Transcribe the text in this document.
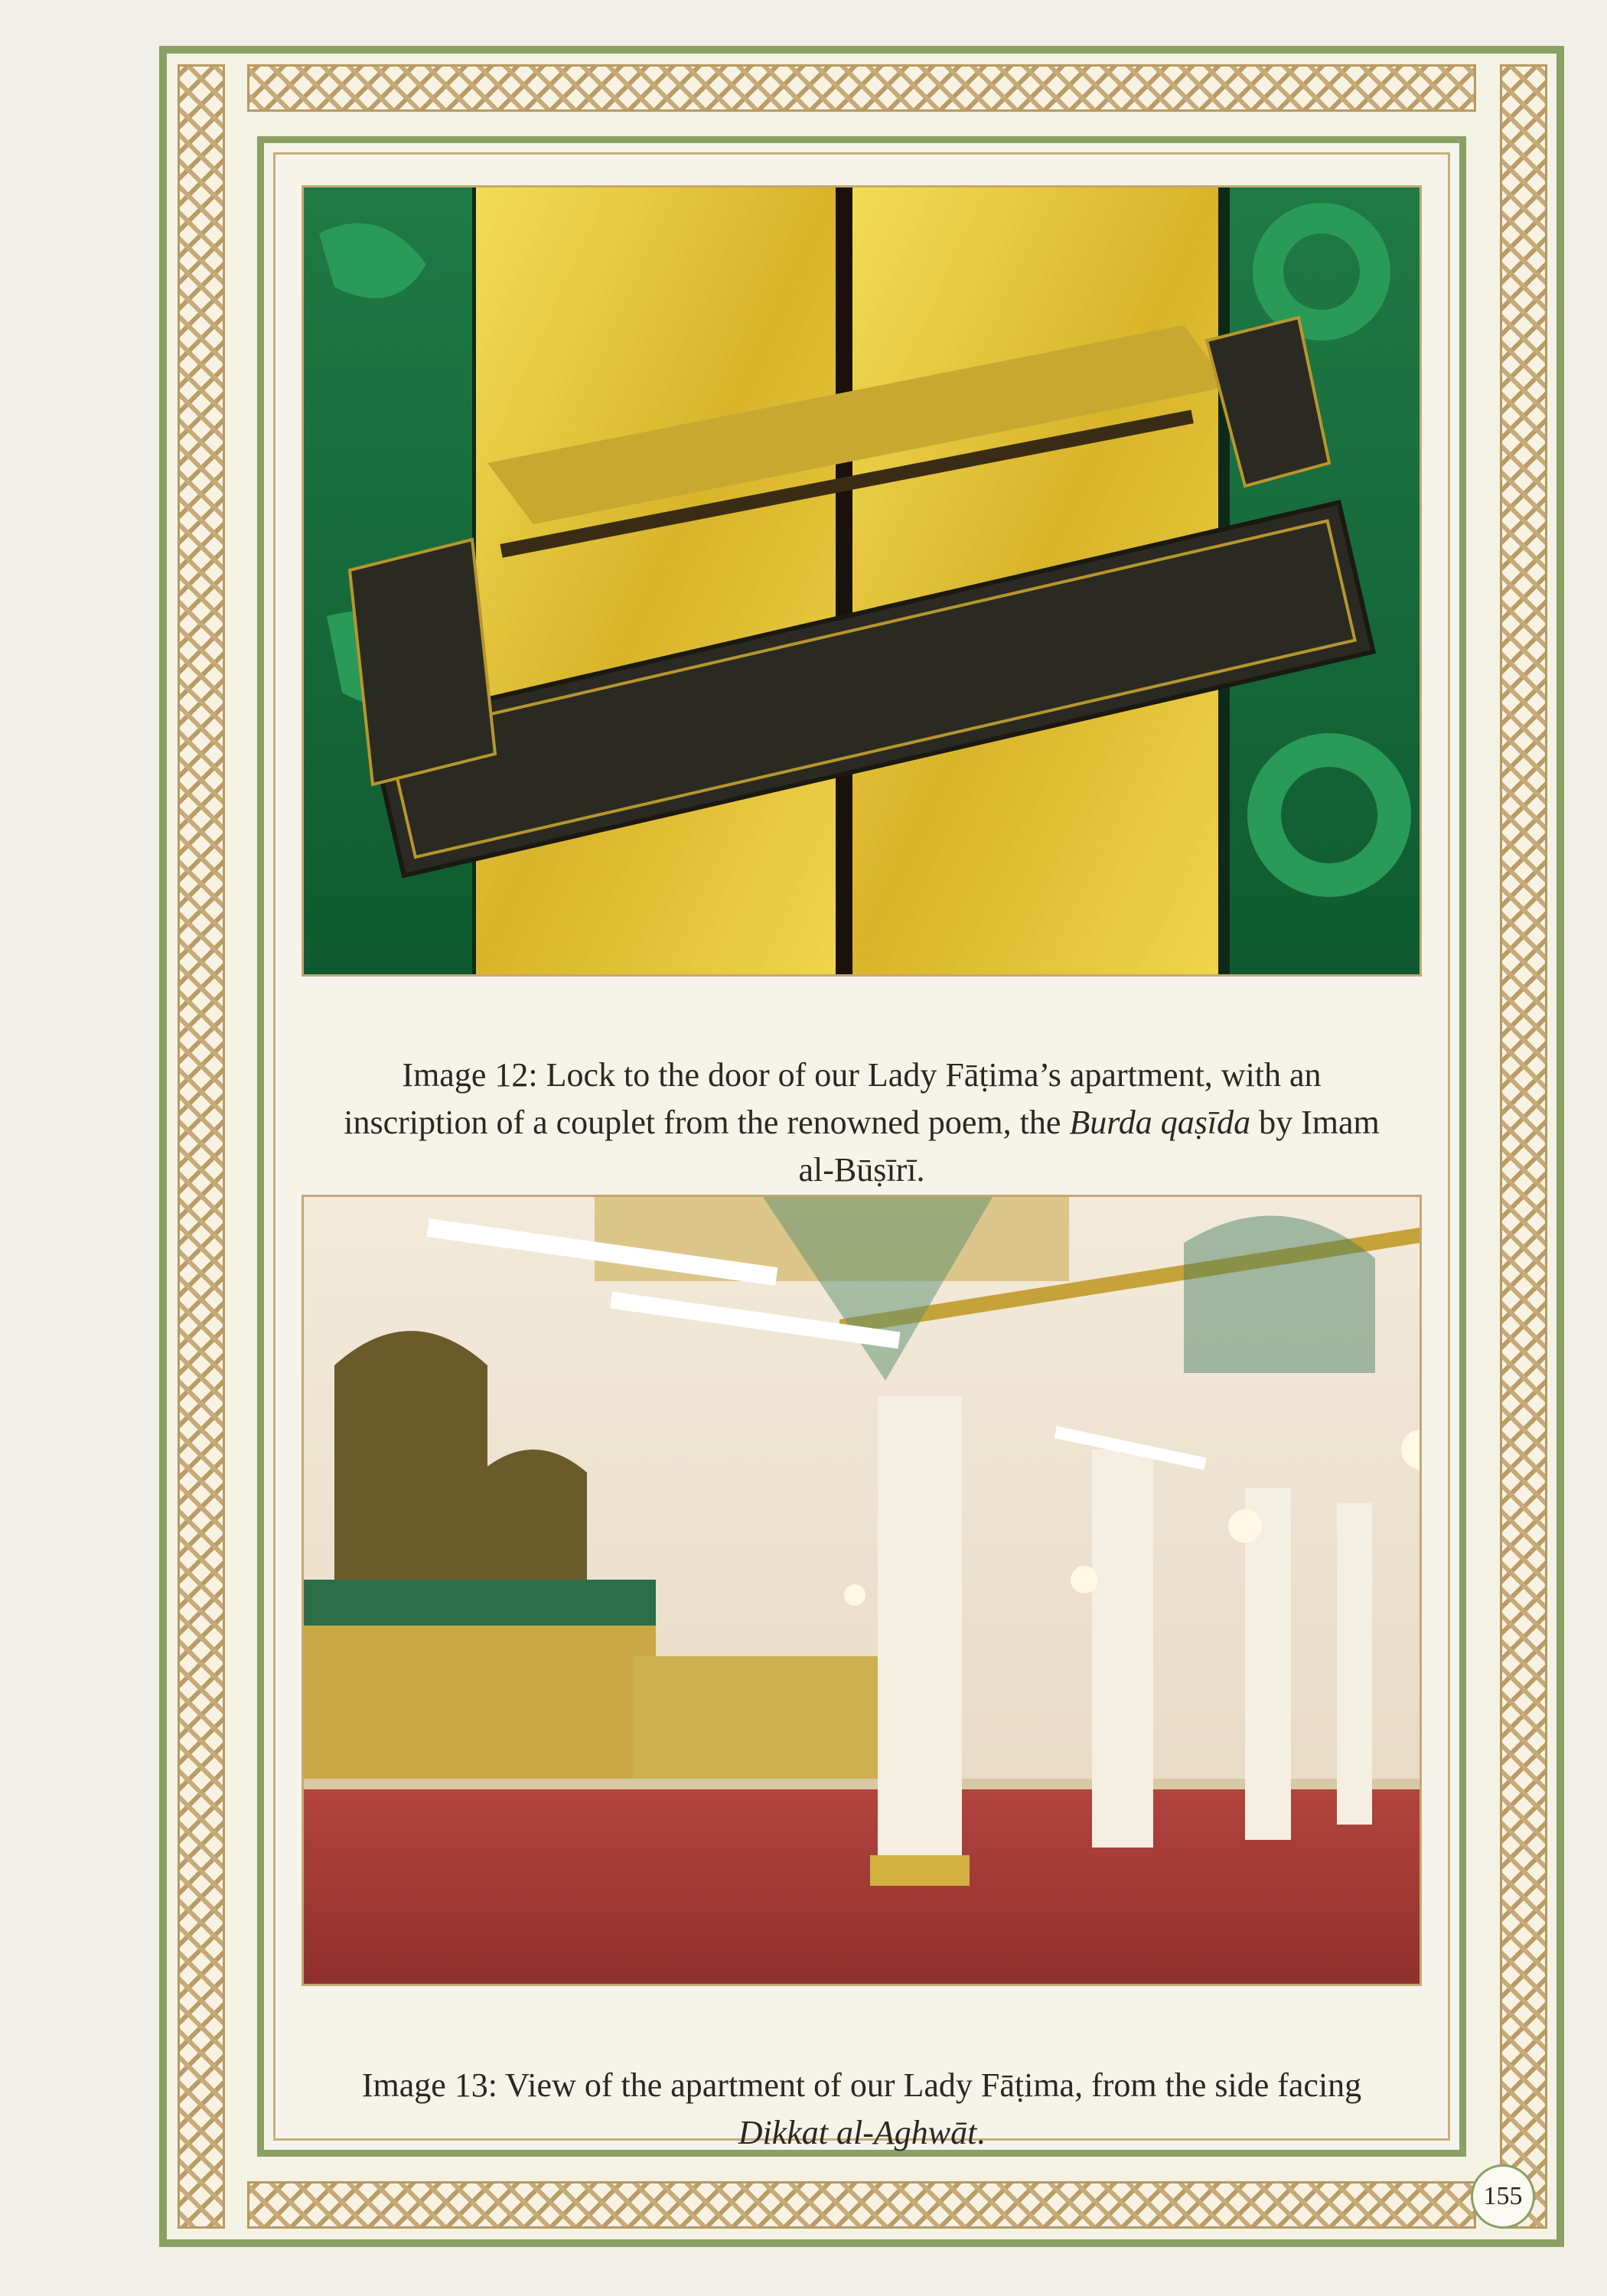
Image 12: Lock to the door of our Lady Fāṭima’s apartment, with an inscription of a couplet from the renowned poem, the Burda qaṣīda by Imam al-Būṣīrī.

Image 13: View of the apartment of our Lady Fāṭima, from the side facing Dikkat al-Aghwāt.

155
